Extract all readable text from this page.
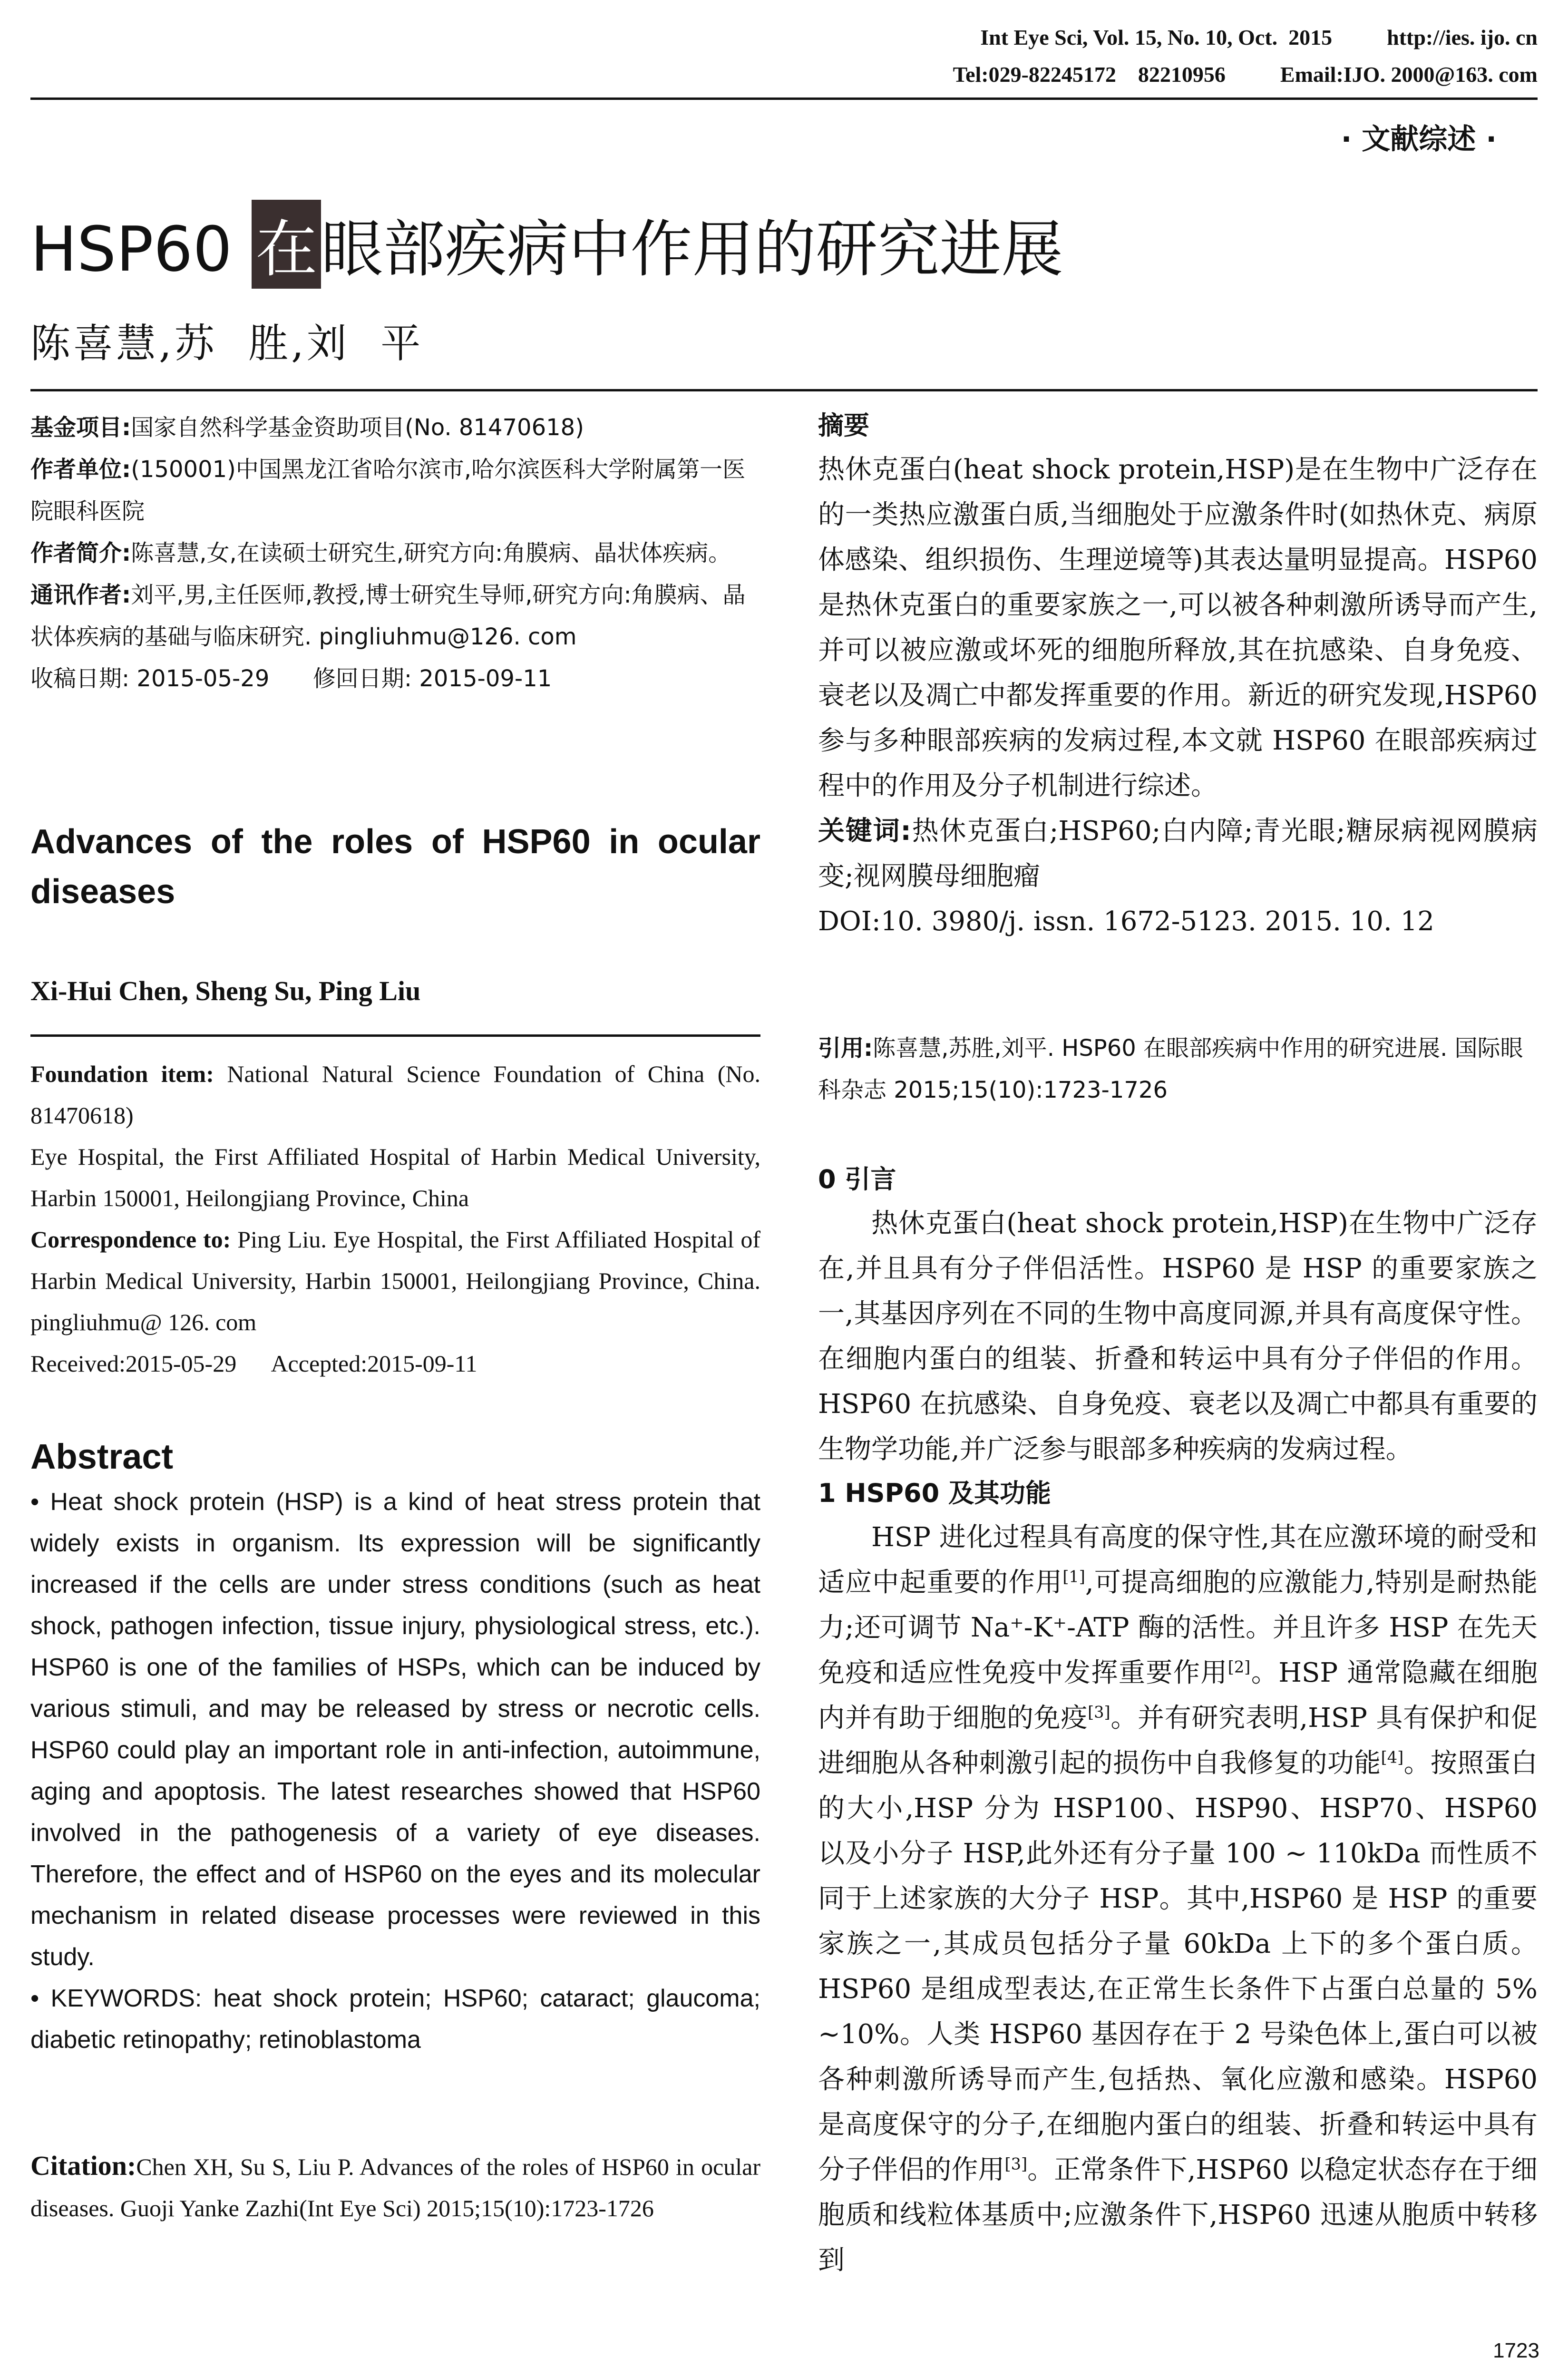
Int Eye Sci, Vol. 15, No. 10, Oct.  2015          http://ies. ijo. cn
Tel:029-82245172    82210956          Email:IJO. 2000@163. com
· 文献综述 ·
HSP60 在眼部疾病中作用的研究进展
陈喜慧,苏  胜,刘  平

基金项目:国家自然科学基金资助项目(No. 81470618)

作者单位:(150001)中国黑龙江省哈尔滨市,哈尔滨医科大学附属第一医院眼科医院

作者简介:陈喜慧,女,在读硕士研究生,研究方向:角膜病、晶状体疾病。

通讯作者:刘平,男,主任医师,教授,博士研究生导师,研究方向:角膜病、晶状体疾病的基础与临床研究. pingliuhmu@126. com

收稿日期: 2015-05-29      修回日期: 2015-09-11

Advances of the roles of HSP60 in ocular diseases
Xi-Hui Chen, Sheng Su, Ping Liu

Foundation item: National Natural Science Foundation of China (No. 81470618)

Eye Hospital, the First Affiliated Hospital of Harbin Medical University, Harbin 150001, Heilongjiang Province, China

Correspondence to: Ping Liu. Eye Hospital, the First Affiliated Hospital of Harbin Medical University, Harbin 150001, Heilongjiang Province, China. pingliuhmu@ 126. com

Received:2015-05-29      Accepted:2015-09-11

Abstract

• Heat shock protein (HSP) is a kind of heat stress protein that widely exists in organism. Its expression will be significantly increased if the cells are under stress conditions (such as heat shock, pathogen infection, tissue injury, physiological stress, etc.). HSP60 is one of the families of HSPs, which can be induced by various stimuli, and may be released by stress or necrotic cells. HSP60 could play an important role in anti-infection, autoimmune, aging and apoptosis. The latest researches showed that HSP60 involved in the pathogenesis of a variety of eye diseases. Therefore, the effect and of HSP60 on the eyes and its molecular mechanism in related disease processes were reviewed in this study.

• KEYWORDS: heat shock protein; HSP60; cataract; glaucoma; diabetic retinopathy; retinoblastoma

Citation:Chen XH, Su S, Liu P. Advances of the roles of HSP60 in ocular diseases. Guoji Yanke Zazhi(Int Eye Sci) 2015;15(10):1723-1726

摘要

热休克蛋白(heat shock protein,HSP)是在生物中广泛存在的一类热应激蛋白质,当细胞处于应激条件时(如热休克、病原体感染、组织损伤、生理逆境等)其表达量明显提高。HSP60 是热休克蛋白的重要家族之一,可以被各种刺激所诱导而产生,并可以被应激或坏死的细胞所释放,其在抗感染、自身免疫、衰老以及凋亡中都发挥重要的作用。新近的研究发现,HSP60 参与多种眼部疾病的发病过程,本文就 HSP60 在眼部疾病过程中的作用及分子机制进行综述。

关键词:热休克蛋白;HSP60;白内障;青光眼;糖尿病视网膜病变;视网膜母细胞瘤

DOI:10. 3980/j. issn. 1672-5123. 2015. 10. 12

引用:陈喜慧,苏胜,刘平. HSP60 在眼部疾病中作用的研究进展. 国际眼科杂志 2015;15(10):1723-1726

0 引言

热休克蛋白(heat shock protein,HSP)在生物中广泛存在,并且具有分子伴侣活性。HSP60 是 HSP 的重要家族之一,其基因序列在不同的生物中高度同源,并具有高度保守性。在细胞内蛋白的组装、折叠和转运中具有分子伴侣的作用。HSP60 在抗感染、自身免疫、衰老以及凋亡中都具有重要的生物学功能,并广泛参与眼部多种疾病的发病过程。

1 HSP60 及其功能

HSP 进化过程具有高度的保守性,其在应激环境的耐受和适应中起重要的作用[1],可提高细胞的应激能力,特别是耐热能力;还可调节 Na⁺-K⁺-ATP 酶的活性。并且许多 HSP 在先天免疫和适应性免疫中发挥重要作用[2]。HSP 通常隐藏在细胞内并有助于细胞的免疫[3]。并有研究表明,HSP 具有保护和促进细胞从各种刺激引起的损伤中自我修复的功能[4]。按照蛋白的大小,HSP 分为 HSP100、HSP90、HSP70、HSP60 以及小分子 HSP,此外还有分子量 100 ~ 110kDa 而性质不同于上述家族的大分子 HSP。其中,HSP60 是 HSP 的重要家族之一,其成员包括分子量 60kDa 上下的多个蛋白质。HSP60 是组成型表达,在正常生长条件下占蛋白总量的 5% ~10%。人类 HSP60 基因存在于 2 号染色体上,蛋白可以被各种刺激所诱导而产生,包括热、氧化应激和感染。HSP60 是高度保守的分子,在细胞内蛋白的组装、折叠和转运中具有分子伴侣的作用[3]。正常条件下,HSP60 以稳定状态存在于细胞质和线粒体基质中;应激条件下,HSP60 迅速从胞质中转移到

1723
